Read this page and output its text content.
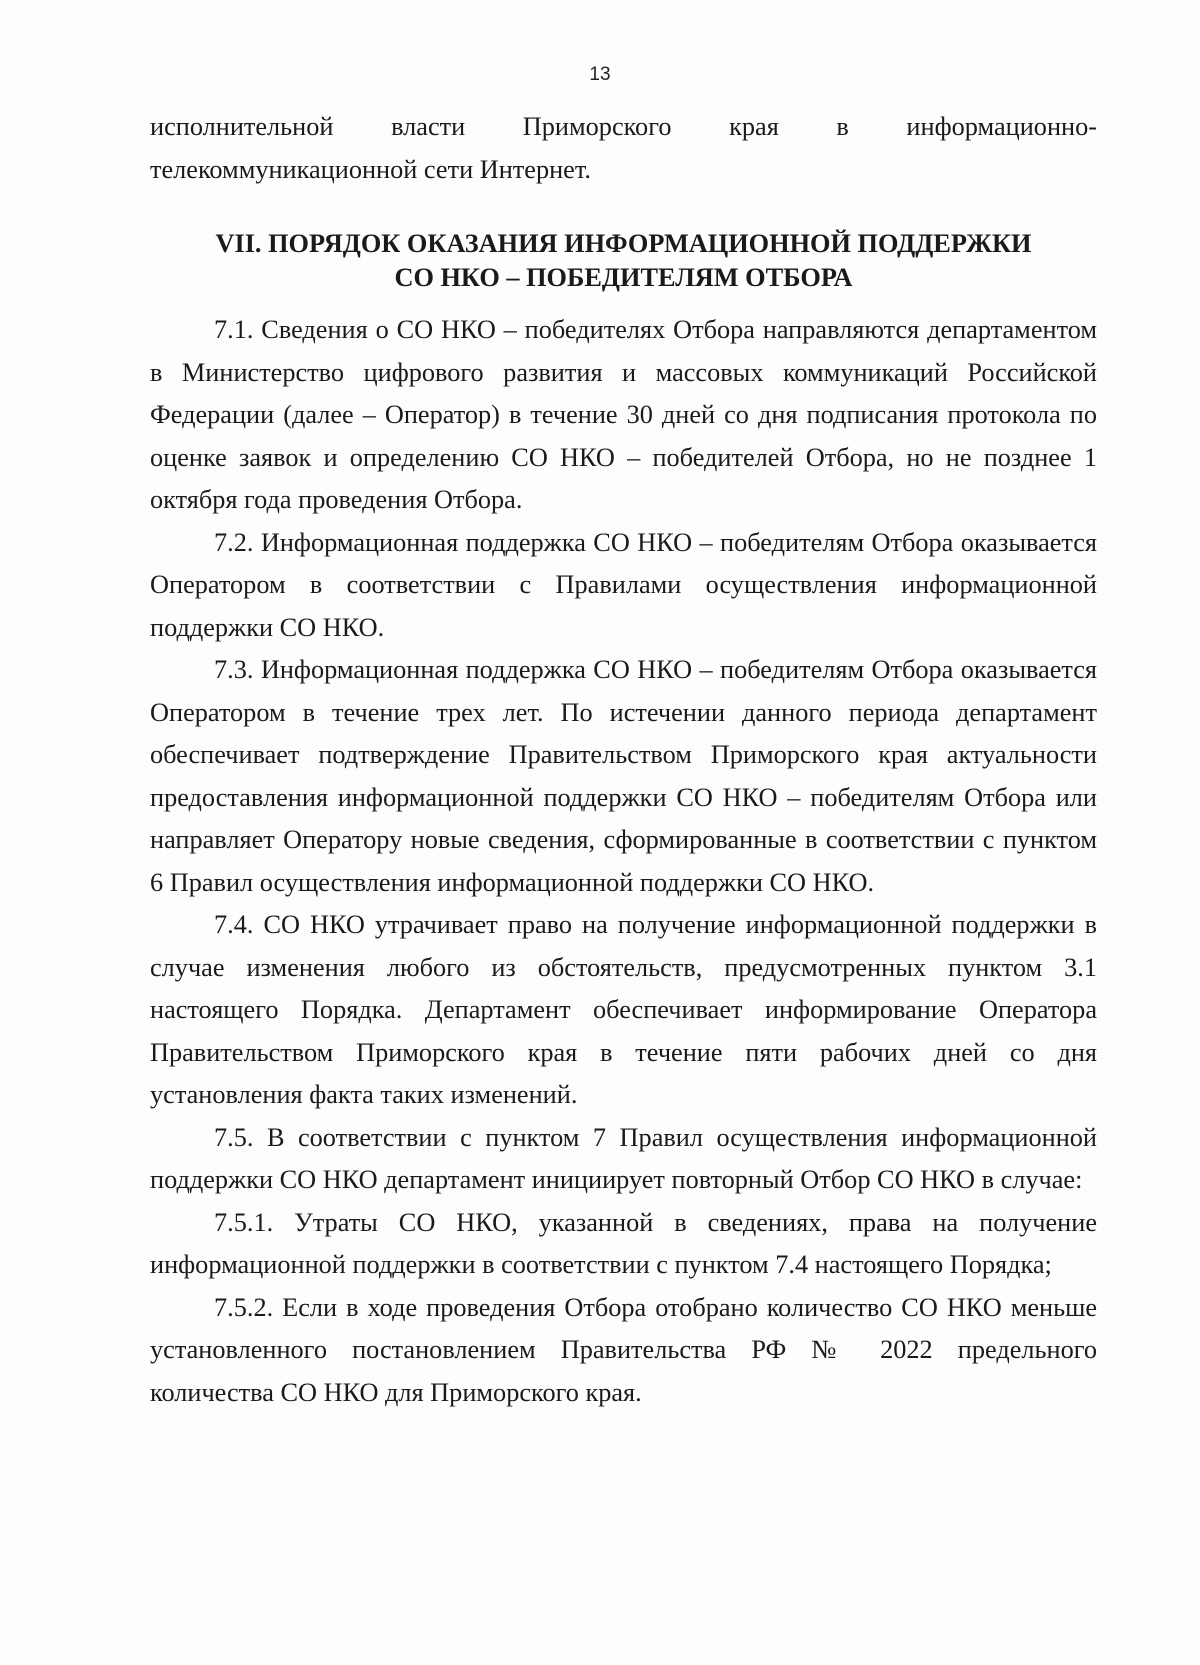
13

исполнительной власти Приморского края в информационно-телекоммуникационной сети Интернет.

VII. ПОРЯДОК ОКАЗАНИЯ ИНФОРМАЦИОННОЙ ПОДДЕРЖКИ
СО НКО – ПОБЕДИТЕЛЯМ ОТБОРА

7.1. Сведения о СО НКО – победителях Отбора направляются департаментом в Министерство цифрового развития и массовых коммуникаций Российской Федерации (далее – Оператор) в течение 30 дней со дня подписания протокола по оценке заявок и определению СО НКО – победителей Отбора, но не позднее 1 октября года проведения Отбора.

7.2. Информационная поддержка СО НКО – победителям Отбора оказывается Оператором в соответствии с Правилами осуществления информационной поддержки СО НКО.

7.3. Информационная поддержка СО НКО – победителям Отбора оказывается Оператором в течение трех лет. По истечении данного периода департамент обеспечивает подтверждение Правительством Приморского края актуальности предоставления информационной поддержки СО НКО – победителям Отбора или направляет Оператору новые сведения, сформированные в соответствии с пунктом 6 Правил осуществления информационной поддержки СО НКО.

7.4. СО НКО утрачивает право на получение информационной поддержки в случае изменения любого из обстоятельств, предусмотренных пунктом 3.1 настоящего Порядка. Департамент обеспечивает информирование Оператора Правительством Приморского края в течение пяти рабочих дней со дня установления факта таких изменений.

7.5. В соответствии с пунктом 7 Правил осуществления информационной поддержки СО НКО департамент инициирует повторный Отбор СО НКО в случае:

7.5.1. Утраты СО НКО, указанной в сведениях, права на получение информационной поддержки в соответствии с пунктом 7.4 настоящего Порядка;

7.5.2. Если в ходе проведения Отбора отобрано количество СО НКО меньше установленного постановлением Правительства РФ № 2022 предельного количества СО НКО для Приморского края.
